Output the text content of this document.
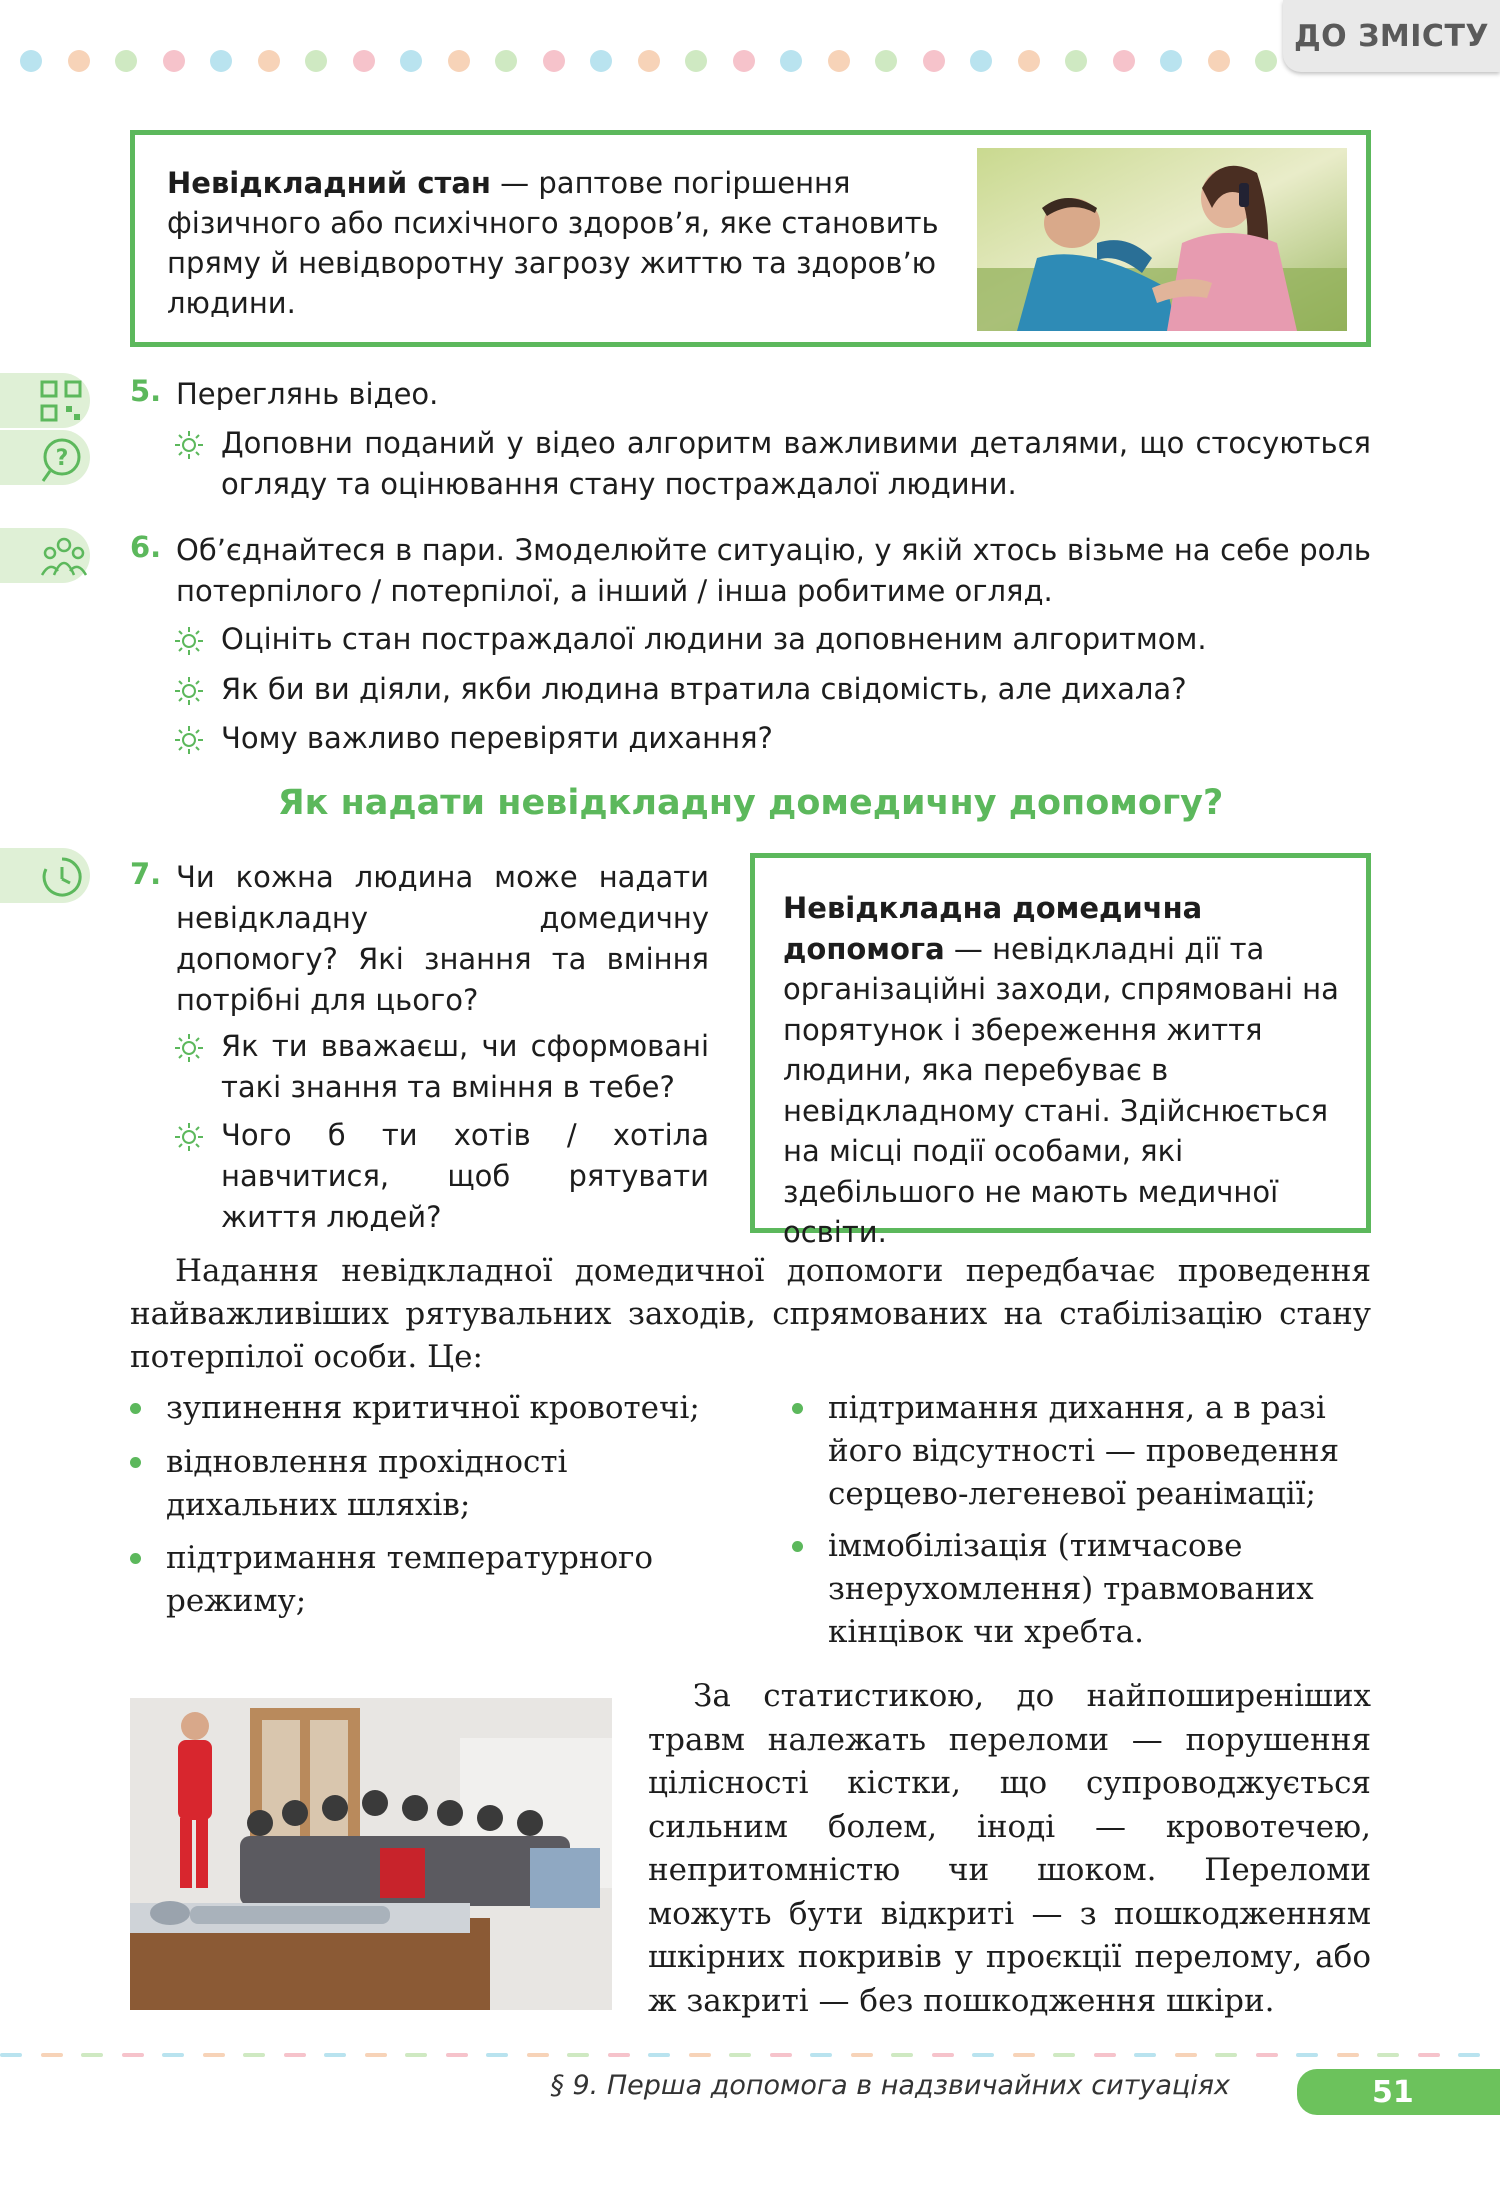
ДО ЗМІСТУ
Невідкладний стан — раптове погіршення фізичного або психічного здоров’я, яке становить пряму й невідворотну загрозу життю та здоров’ю людини.
?
5. Переглянь відео.
Доповни поданий у відео алгоритм важливими деталями, що стосуються огляду та оцінювання стану постраждалої людини.
6. Об’єднайтеся в пари. Змоделюйте ситуацію, у якій хтось візьме на себе роль потерпілого / потерпілої, а інший / інша робитиме огляд.
Оцініть стан постраждалої людини за доповненим алгоритмом.
Як би ви діяли, якби людина втратила свідомість, але дихала?
Чому важливо перевіряти дихання?
Як надати невідкладну домедичну допомогу?
7. Чи кожна людина може надати невідкладну домедичну допомогу? Які знання та вміння потрібні для цього?
Як ти вважаєш, чи сформовані такі знання та вміння в тебе?
Чого б ти хотів / хотіла навчитися, щоб рятувати життя людей?
Невідкладна домедична допомога — невідкладні дії та організаційні заходи, спрямовані на порятунок і збереження життя людини, яка перебуває в невідкладному стані. Здійснюється на місці події особами, які здебільшого не мають медичної освіти.
Надання невідкладної домедичної допомоги передбачає проведення найважливіших рятувальних заходів, спрямованих на стабілізацію стану потерпілої особи. Це:
зупинення критичної кровотечі;
відновлення прохідності дихальних шляхів;
підтримання температурного режиму;
підтримання дихання, а в разі його відсутності — проведення серцево-легеневої реанімації;
іммобілізація (тимчасове знерухомлення) травмованих кінцівок чи хребта.
За статистикою, до найпоширеніших травм належать переломи — порушення цілісності кістки, що супроводжується сильним болем, іноді — кровотечею, непритомністю чи шоком. Переломи можуть бути відкриті — з пошкодженням шкірних покривів у проєкції перелому, або ж закриті — без пошкодження шкіри.
§ 9. Перша допомога в надзвичайних ситуаціях	51
